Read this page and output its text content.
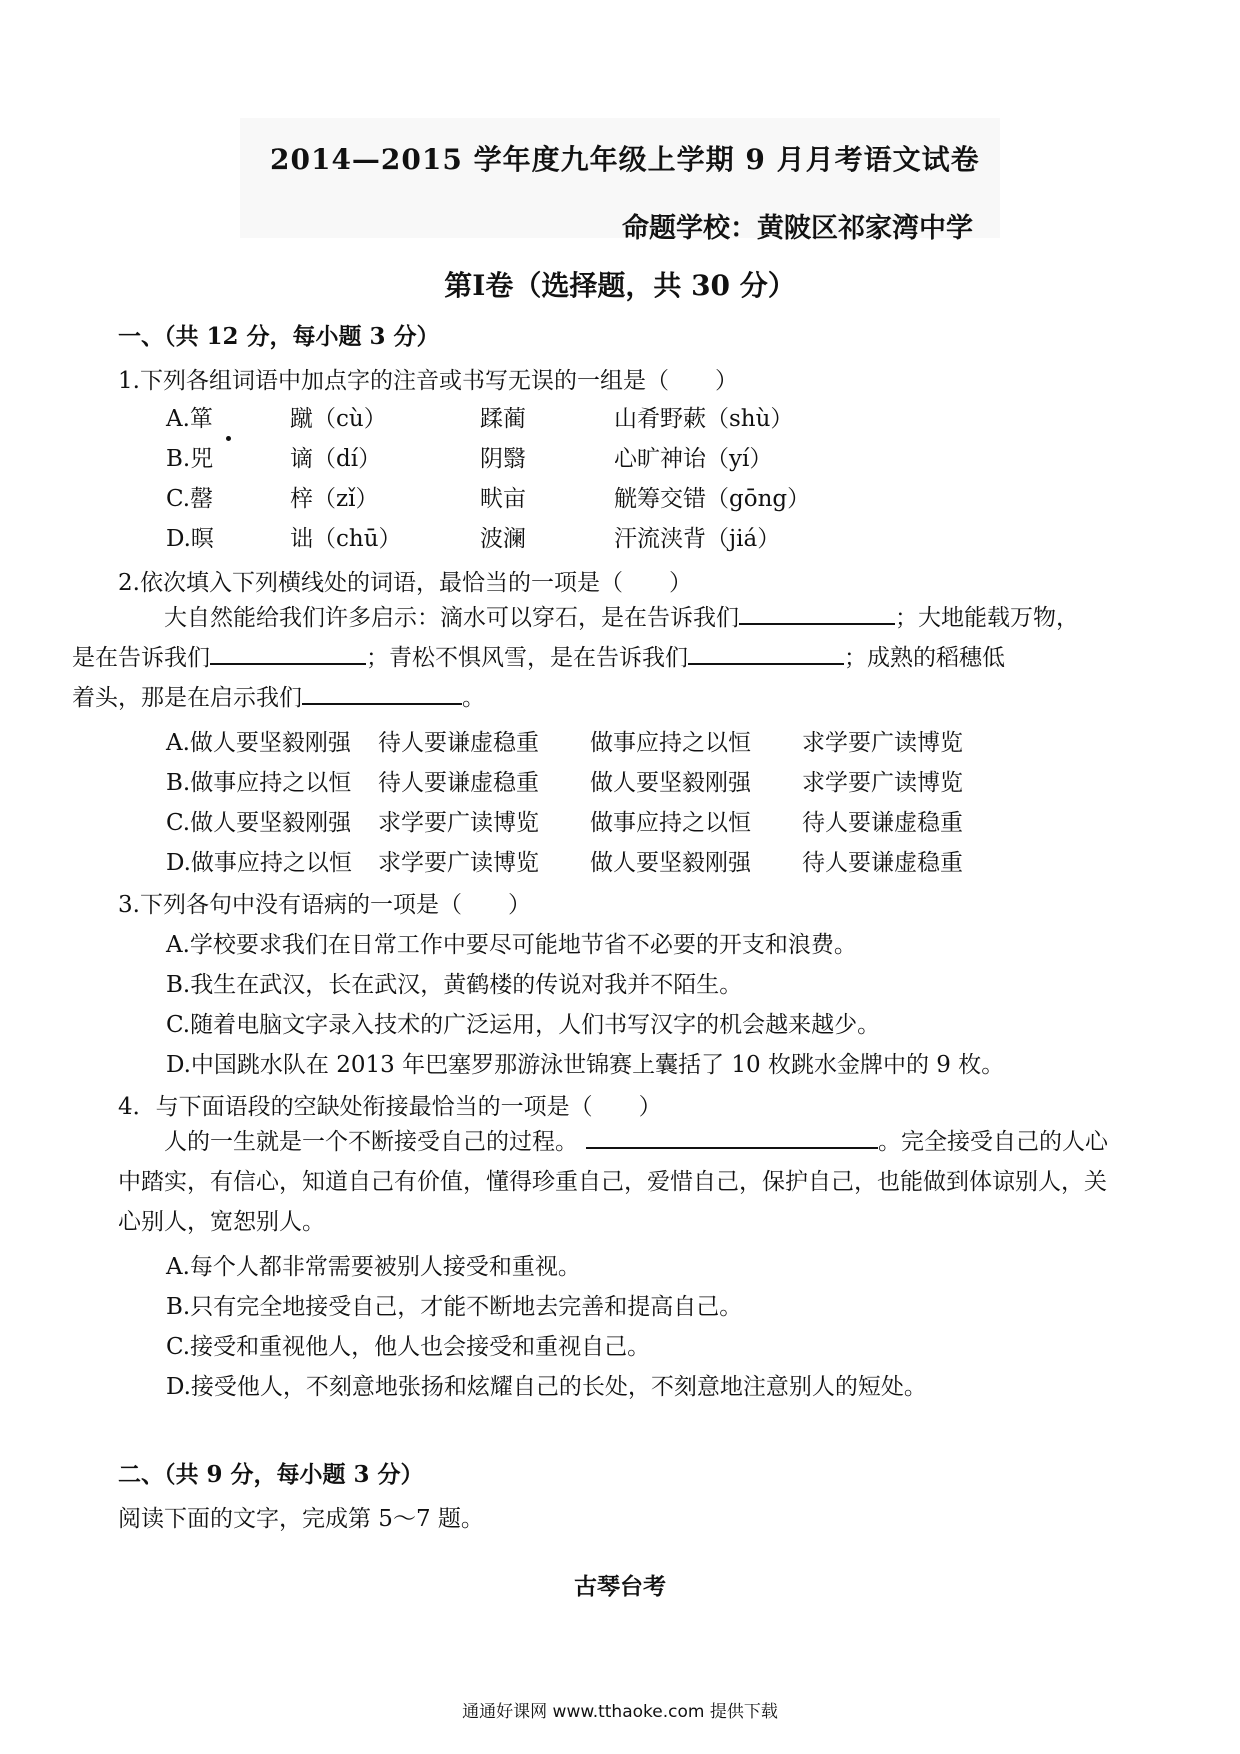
2014—2015 学年度九年级上学期 9 月月考语文试卷
命题学校：黄陂区祁家湾中学
第Ⅰ卷（选择题，共 30 分）
一、（共 12 分，每小题 3 分）
1.下列各组词语中加点字的注音或书写无误的一组是（　　）
A.箪	蹴（cù）	蹂蔺	山肴野蔌（shù）
B.兕	谪（dí）	阴翳	心旷神诒（yí）
C.罄	梓（zǐ）	畎亩	觥筹交错（gōng）
D.暝	诎（chū）	波澜	汗流浃背（jiá）
2.依次填入下列横线处的词语，最恰当的一项是（　　）
大自然能给我们许多启示：滴水可以穿石，是在告诉我们	；大地能载万物，
是在告诉我们	；青松不惧风雪，是在告诉我们	；成熟的稻穗低
着头，那是在启示我们	。
A.做人要坚毅刚强 待人要谦虚稳重 做事应持之以恒 求学要广读博览
B.做事应持之以恒 待人要谦虚稳重 做人要坚毅刚强 求学要广读博览
C.做人要坚毅刚强 求学要广读博览 做事应持之以恒 待人要谦虚稳重
D.做事应持之以恒 求学要广读博览 做人要坚毅刚强 待人要谦虚稳重
3.下列各句中没有语病的一项是（　　）
A.学校要求我们在日常工作中要尽可能地节省不必要的开支和浪费。
B.我生在武汉，长在武汉，黄鹤楼的传说对我并不陌生。
C.随着电脑文字录入技术的广泛运用，人们书写汉字的机会越来越少。
D.中国跳水队在 2013 年巴塞罗那游泳世锦赛上囊括了 10 枚跳水金牌中的 9 枚。
4．与下面语段的空缺处衔接最恰当的一项是（　　）
人的一生就是一个不断接受自己的过程。	。完全接受自己的人心中踏实，有信心，知道自己有价值，懂得珍重自己，爱惜自己，保护自己，也能做到体谅别人，关心别人，宽恕别人。
A.每个人都非常需要被别人接受和重视。
B.只有完全地接受自己，才能不断地去完善和提高自己。
C.接受和重视他人，他人也会接受和重视自己。
D.接受他人，不刻意地张扬和炫耀自己的长处，不刻意地注意别人的短处。
二、（共 9 分，每小题 3 分）
阅读下面的文字，完成第 5～7 题。
古琴台考
通通好课网 www.tthaoke.com 提供下载
